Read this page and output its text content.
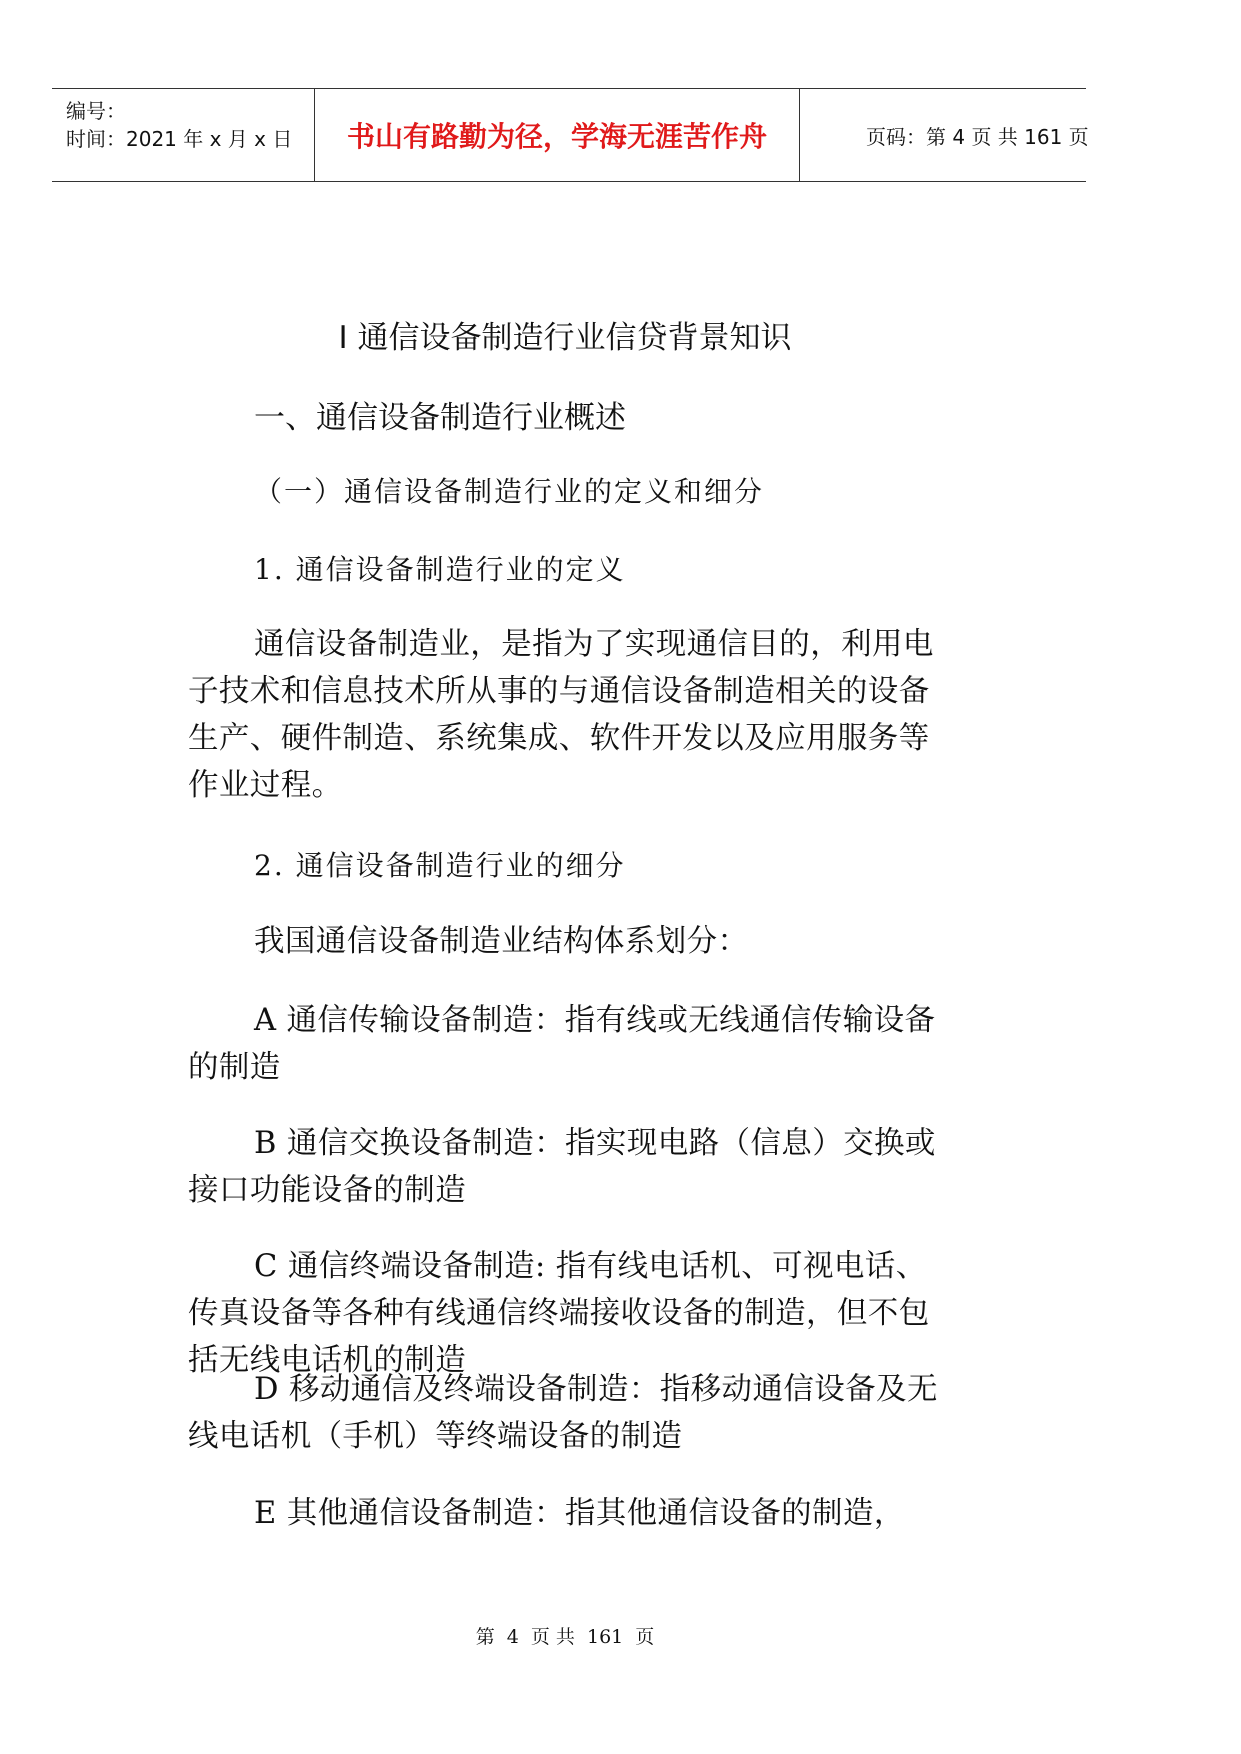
编号：
时间：2021 年 x 月 x 日	书山有路勤为径，学海无涯苦作舟	页码：第 4 页 共 161 页
I 通信设备制造行业信贷背景知识
一、通信设备制造行业概述
（一）通信设备制造行业的定义和细分
1. 通信设备制造行业的定义

通信设备制造业，是指为了实现通信目的，利用电子技术和信息技术所从事的与通信设备制造相关的设备生产、硬件制造、系统集成、软件开发以及应用服务等作业过程。

2. 通信设备制造行业的细分

我国通信设备制造业结构体系划分：

A 通信传输设备制造：指有线或无线通信传输设备的制造

B 通信交换设备制造：指实现电路（信息）交换或接口功能设备的制造

C 通信终端设备制造: 指有线电话机、可视电话、传真设备等各种有线通信终端接收设备的制造，但不包括无线电话机的制造

D 移动通信及终端设备制造：指移动通信设备及无线电话机（手机）等终端设备的制造

E 其他通信设备制造：指其他通信设备的制造，

第 4 页 共 161 页
